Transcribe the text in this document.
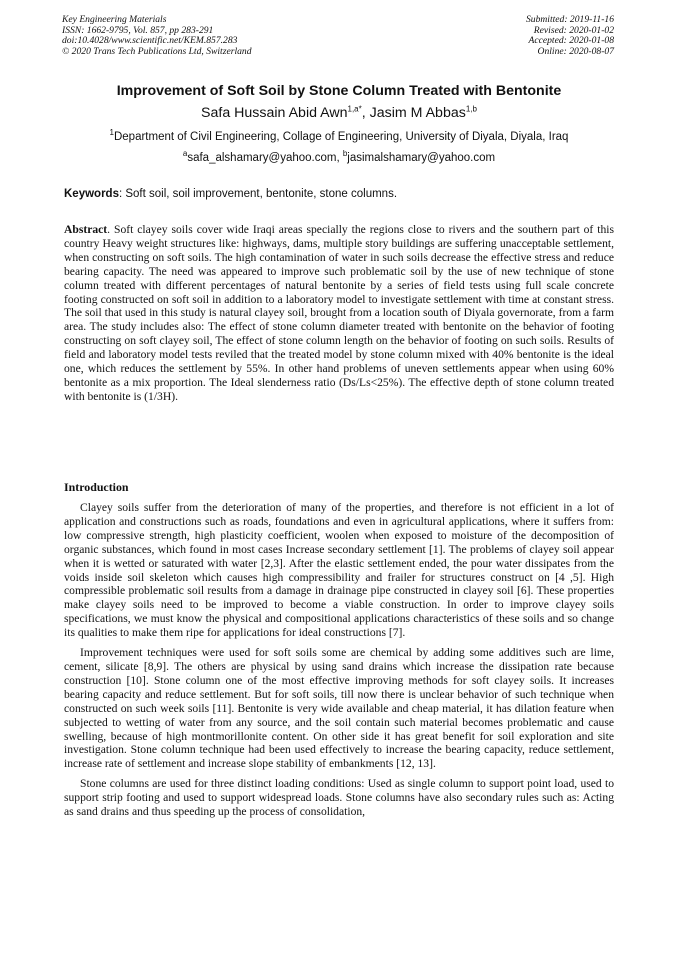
Key Engineering Materials
ISSN: 1662-9795, Vol. 857, pp 283-291
doi:10.4028/www.scientific.net/KEM.857.283
© 2020 Trans Tech Publications Ltd, Switzerland
Submitted: 2019-11-16
Revised: 2020-01-02
Accepted: 2020-01-08
Online: 2020-08-07
Improvement of Soft Soil by Stone Column Treated with Bentonite
Safa Hussain Abid Awn$^{1,a*}$, Jasim M Abbas$^{1,b}$
$^1$Department of Civil Engineering, Collage of Engineering, University of Diyala, Diyala, Iraq
$^a$safa_alshamary@yahoo.com, $^b$jasimalshamary@yahoo.com
Keywords: Soft soil, soil improvement, bentonite, stone columns.
Abstract. Soft clayey soils cover wide Iraqi areas specially the regions close to rivers and the southern part of this country Heavy weight structures like: highways, dams, multiple story buildings are suffering unacceptable settlement, when constructing on soft soils. The high contamination of water in such soils decrease the effective stress and reduce bearing capacity. The need was appeared to improve such problematic soil by the use of new technique of stone column treated with different percentages of natural bentonite by a series of field tests using full scale concrete footing constructed on soft soil in addition to a laboratory model to investigate settlement with time at constant stress. The soil that used in this study is natural clayey soil, brought from a location south of Diyala governorate, from a farm area. The study includes also: The effect of stone column diameter treated with bentonite on the behavior of footing constructing on soft clayey soil, The effect of stone column length on the behavior of footing on such soils. Results of field and laboratory model tests reviled that the treated model by stone column mixed with 40% bentonite is the ideal one, which reduces the settlement by 55%. In other hand problems of uneven settlements appear when using 60% bentonite as a mix proportion. The Ideal slenderness ratio (Ds/Ls<25%). The effective depth of stone column treated with bentonite is (1/3H).
Introduction

Clayey soils suffer from the deterioration of many of the properties, and therefore is not efficient in a lot of application and constructions such as roads, foundations and even in agricultural applications, where it suffers from: low compressive strength, high plasticity coefficient, woolen when exposed to moisture of the decomposition of organic substances, which found in most cases Increase secondary settlement [1]. The problems of clayey soil appear when it is wetted or saturated with water [2,3]. After the elastic settlement ended, the pour water dissipates from the voids inside soil skeleton which causes high compressibility and frailer for structures construct on [4 ,5]. High compressible problematic soil results from a damage in drainage pipe constructed in clayey soil [6]. These properties make clayey soils need to be improved to become a viable construction. In order to improve clayey soils specifications, we must know the physical and compositional applications characteristics of these soils and so change its qualities to make them ripe for applications for ideal constructions [7].

Improvement techniques were used for soft soils some are chemical by adding some additives such are lime, cement, silicate [8,9]. The others are physical by using sand drains which increase the dissipation rate because construction [10]. Stone column one of the most effective improving methods for soft clayey soils. It increases bearing capacity and reduce settlement. But for soft soils, till now there is unclear behavior of such technique when constructed on such week soils [11]. Bentonite is very wide available and cheap material, it has dilation feature when subjected to wetting of water from any source, and the soil contain such material becomes problematic and cause swelling, because of high montmorillonite content. On other side it has great benefit for soil exploration and site investigation. Stone column technique had been used effectively to increase the bearing capacity, reduce settlement, increase rate of settlement and increase slope stability of embankments [12, 13].

Stone columns are used for three distinct loading conditions: Used as single column to support point load, used to support strip footing and used to support widespread loads. Stone columns have also secondary rules such as: Acting as sand drains and thus speeding up the process of consolidation,
